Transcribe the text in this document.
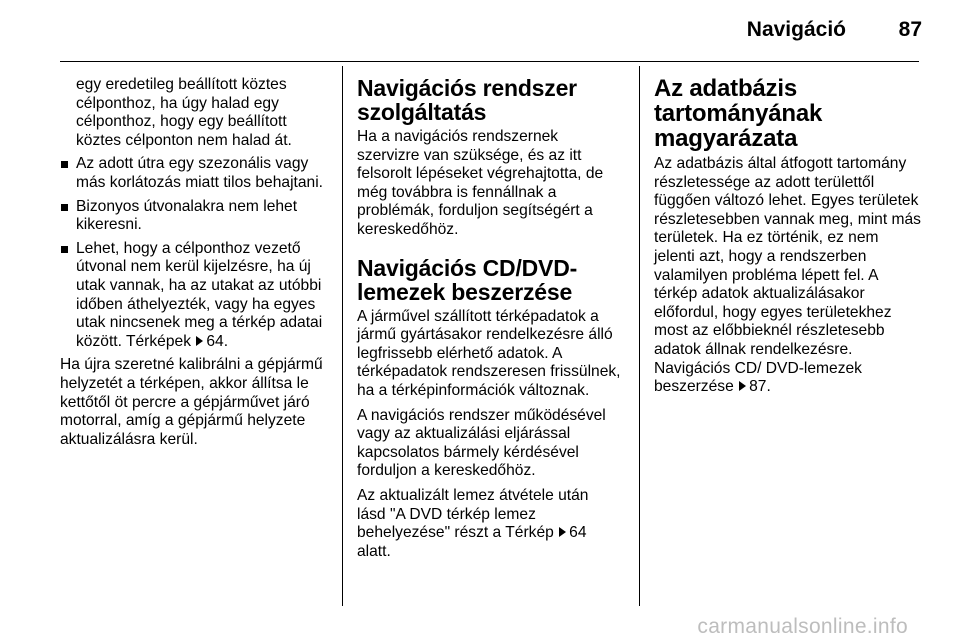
Navigáció	87

egy eredetileg beállított köztes célponthoz, ha úgy halad egy célponthoz, hogy egy beállított köztes célponton nem halad át.

Az adott útra egy szezonális vagy más korlátozás miatt tilos behajtani.
Bizonyos útvonalakra nem lehet kikeresni.
Lehet, hogy a célponthoz vezető útvonal nem kerül kijelzésre, ha új utak vannak, ha az utakat az utóbbi időben áthelyezték, vagy ha egyes utak nincsenek meg a térkép adatai között. Térképek 64.

Ha újra szeretné kalibrálni a gépjármű helyzetét a térképen, akkor állítsa le kettőtől öt percre a gépjárművet járó motorral, amíg a gépjármű helyzete aktualizálásra kerül.

Navigációs rendszer szolgáltatás

Ha a navigációs rendszernek szervizre van szüksége, és az itt felsorolt lépéseket végrehajtotta, de még továbbra is fennállnak a problémák, forduljon segítségért a kereskedőhöz.

Navigációs CD/DVD-lemezek beszerzése

A járművel szállított térképadatok a jármű gyártásakor rendelkezésre álló legfrissebb elérhető adatok. A térképadatok rendszeresen frissülnek, ha a térképinformációk változnak.

A navigációs rendszer működésével vagy az aktualizálási eljárással kapcsolatos bármely kérdésével forduljon a kereskedőhöz.

Az aktualizált lemez átvétele után lásd "A DVD térkép lemez behelyezése" részt a Térkép 64 alatt.

Az adatbázis tartományának magyarázata

Az adatbázis által átfogott tartomány részletessége az adott területtől függően változó lehet. Egyes területek részletesebben vannak meg, mint más területek. Ha ez történik, ez nem jelenti azt, hogy a rendszerben valamilyen probléma lépett fel. A térkép adatok aktualizálásakor előfordul, hogy egyes területekhez most az előbbieknél részletesebb adatok állnak rendelkezésre. Navigációs CD/ DVD-lemezek beszerzése 87.

carmanualsonline.info
